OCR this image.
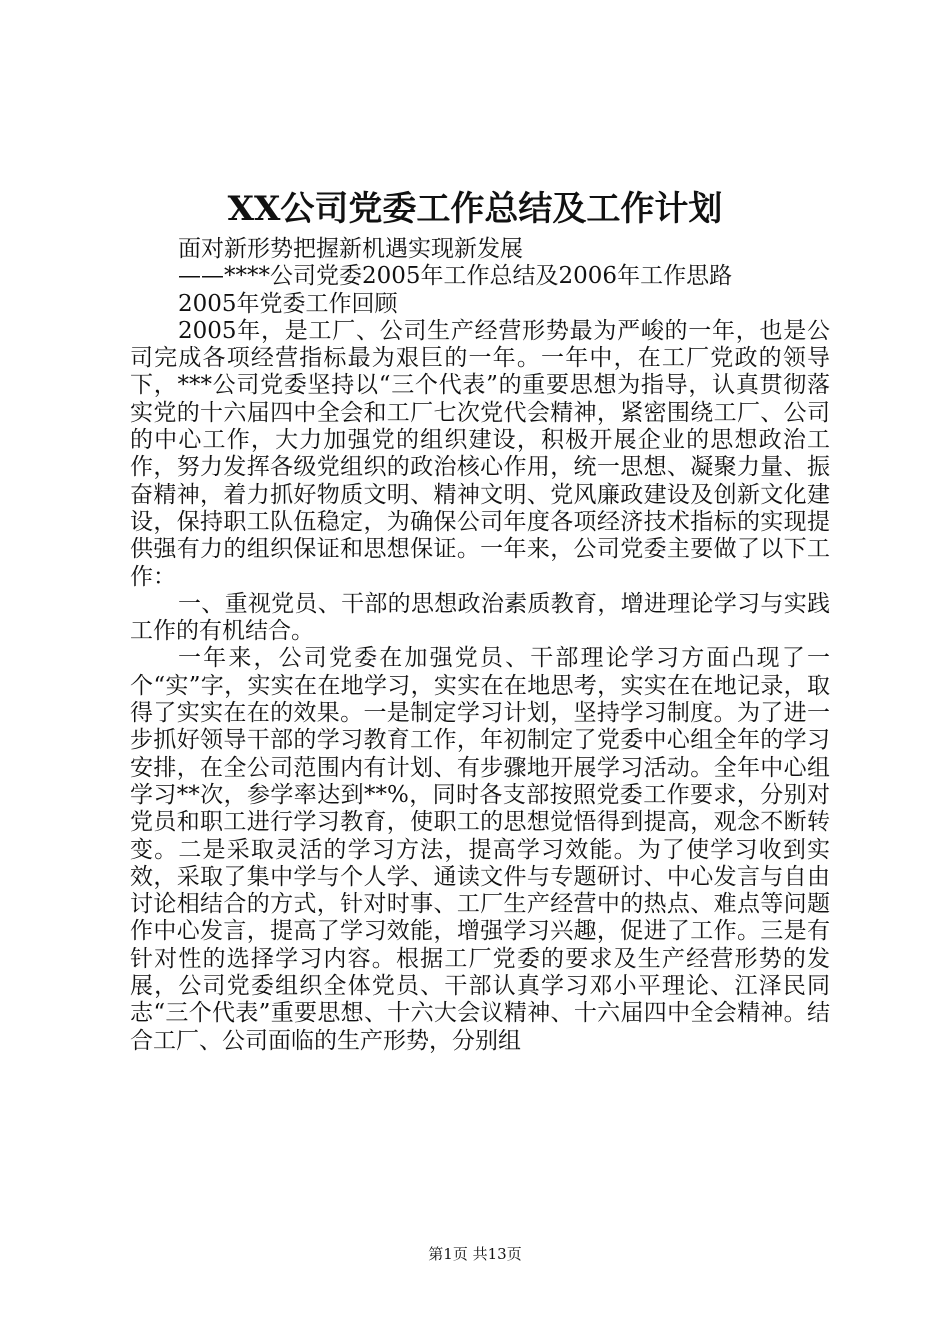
XX公司党委工作总结及工作计划
面对新形势把握新机遇实现新发展
——****公司党委2005年工作总结及2006年工作思路
2005年党委工作回顾

2005年，是工厂、公司生产经营形势最为严峻的一年，也是公司完成各项经营指标最为艰巨的一年。一年中，在工厂党政的领导下，***公司党委坚持以“三个代表”的重要思想为指导，认真贯彻落实党的十六届四中全会和工厂七次党代会精神，紧密围绕工厂、公司的中心工作，大力加强党的组织建设，积极开展企业的思想政治工作，努力发挥各级党组织的政治核心作用，统一思想、凝聚力量、振奋精神，着力抓好物质文明、精神文明、党风廉政建设及创新文化建设，保持职工队伍稳定，为确保公司年度各项经济技术指标的实现提供强有力的组织保证和思想保证。一年来，公司党委主要做了以下工作：

一、重视党员、干部的思想政治素质教育，增进理论学习与实践工作的有机结合。

一年来，公司党委在加强党员、干部理论学习方面凸现了一个“实”字，实实在在地学习，实实在在地思考，实实在在地记录，取得了实实在在的效果。一是制定学习计划，坚持学习制度。为了进一步抓好领导干部的学习教育工作，年初制定了党委中心组全年的学习安排，在全公司范围内有计划、有步骤地开展学习活动。全年中心组学习**次，参学率达到**%，同时各支部按照党委工作要求，分别对党员和职工进行学习教育，使职工的思想觉悟得到提高，观念不断转变。二是采取灵活的学习方法，提高学习效能。为了使学习收到实效，采取了集中学与个人学、通读文件与专题研讨、中心发言与自由讨论相结合的方式，针对时事、工厂生产经营中的热点、难点等问题作中心发言，提高了学习效能，增强学习兴趣，促进了工作。三是有针对性的选择学习内容。根据工厂党委的要求及生产经营形势的发展，公司党委组织全体党员、干部认真学习邓小平理论、江泽民同志“三个代表”重要思想、十六大会议精神、十六届四中全会精神。结合工厂、公司面临的生产形势，分别组

第1页 共13页
